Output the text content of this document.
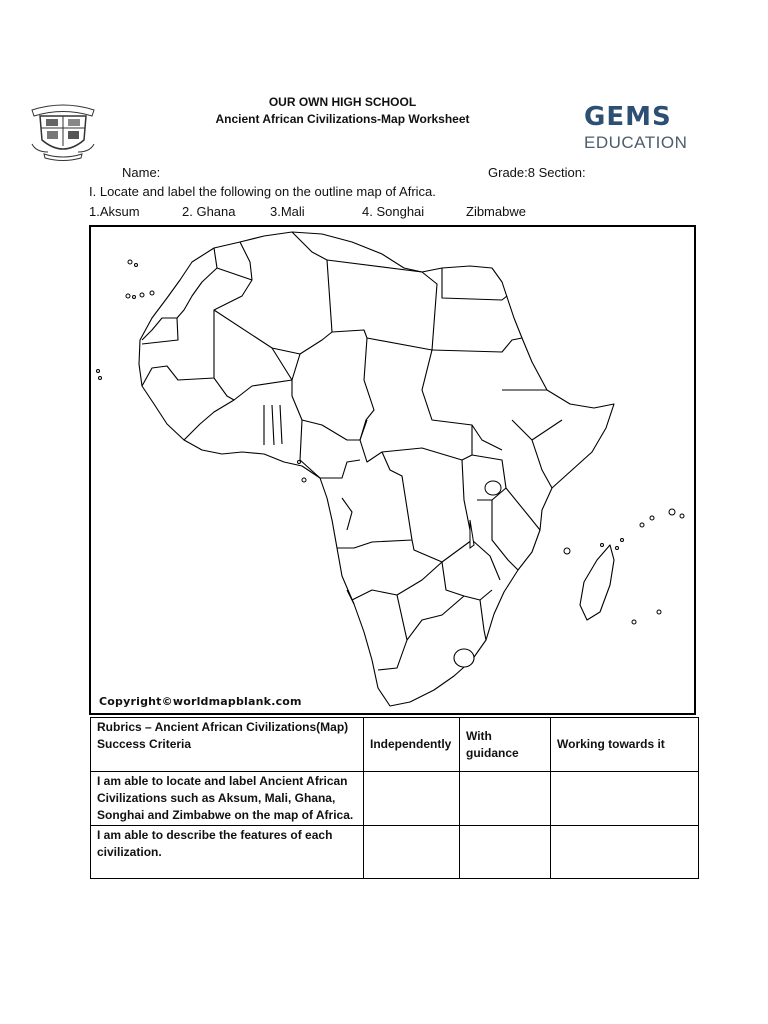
GEMS
EDUCATION
OUR OWN HIGH SCHOOL
Ancient African Civilizations-Map Worksheet
Name:	Grade:8 Section:
I. Locate and label the following on the outline map of Africa.
1.Aksum	2. Ghana	3.Mali	4. Songhai	Zibmabwe
Copyright©worldmapblank.com
Rubrics – Ancient African Civilizations(Map)
Success Criteria	Independently	With guidance	Working towards it
I am able to locate and label Ancient African Civilizations such as Aksum, Mali, Ghana, Songhai and Zimbabwe on the map of Africa.			
I am able to describe the features of each civilization.			
